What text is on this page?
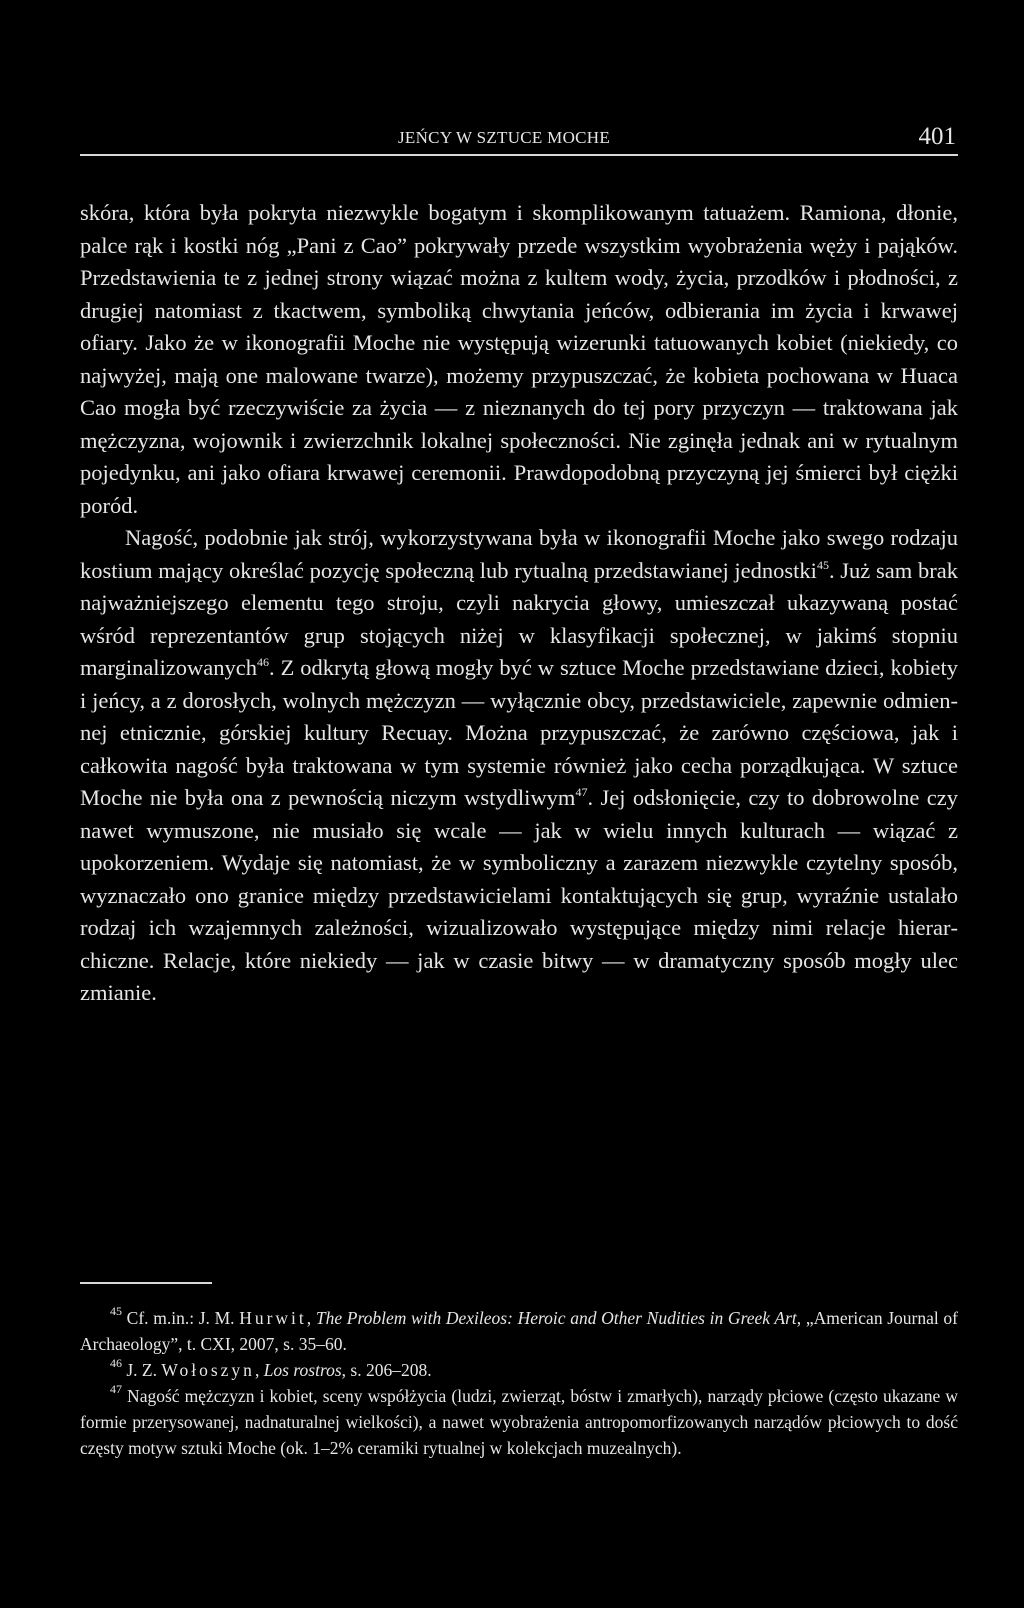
JEŃCY W SZTUCE MOCHE	401

skóra, która była pokryta niezwykle bogatym i skomplikowanym tatuażem. Ramiona, dłonie, palce rąk i kostki nóg „Pani z Cao” pokrywały przede wszystkim wyobrażenia węży i pająków. Przedstawienia te z jednej strony wiązać można z kultem wody, życia, przodków i płodności, z drugiej natomiast z tkactwem, symboliką chwytania jeńców, odbierania im życia i krwawej ofiary. Jako że w ikonografii Moche nie występują wizerunki tatuowanych kobiet (niekiedy, co najwyżej, mają one malowane twarze), możemy przypuszczać, że kobieta pochowana w Huaca Cao mogła być rzeczywiście za życia — z nieznanych do tej pory przyczyn — traktowana jak mężczyzna, wojownik i zwierzchnik lokalnej społeczności. Nie zginęła jednak ani w rytualnym pojedynku, ani jako ofiara krwawej ceremonii. Prawdopodobną przyczyną jej śmierci był ciężki poród.

Nagość, podobnie jak strój, wykorzystywana była w ikonografii Moche jako swego rodzaju kostium mający określać pozycję społeczną lub rytualną przedstawianej jednostki$^{45}$. Już sam brak najważniejszego elementu tego stroju, czyli nakrycia głowy, umieszczał ukazywaną postać wśród reprezentantów grup stojących niżej w klasyfikacji społecznej, w jakimś stopniu marginalizowanych$^{46}$. Z odkrytą głową mogły być w sztuce Moche przedstawiane dzieci, kobiety i jeńcy, a z dorosłych, wolnych mężczyzn — wyłącznie obcy, przedstawiciele, zapewnie odmiennej etnicznie, górskiej kultury Recuay. Można przypuszczać, że zarówno częściowa, jak i całkowita nagość była traktowana w tym systemie również jako cecha porządkująca. W sztuce Moche nie była ona z pewnością niczym wstydliwym$^{47}$. Jej odsłonięcie, czy to dobrowolne czy nawet wymuszone, nie musiało się wcale — jak w wielu innych kulturach — wiązać z upokorzeniem. Wydaje się natomiast, że w symboliczny a zarazem niezwykle czytelny sposób, wyznaczało ono granice między przedstawicielami kontaktujących się grup, wyraźnie ustalało rodzaj ich wzajemnych zależności, wizualizowało występujące między nimi relacje hierarchiczne. Relacje, które niekiedy — jak w czasie bitwy — w dramatyczny sposób mogły ulec zmianie.

$^{45}$ Cf. m.in.: J. M. Hurwit, The Problem with Dexileos: Heroic and Other Nudities in Greek Art, „American Journal of Archaeology”, t. CXI, 2007, s. 35–60.

$^{46}$ J. Z. Wołoszyn, Los rostros, s. 206–208.

$^{47}$ Nagość mężczyzn i kobiet, sceny współżycia (ludzi, zwierząt, bóstw i zmarłych), narządy płciowe (często ukazane w formie przerysowanej, nadnaturalnej wielkości), a nawet wyobrażenia antropomorfizowanych narządów płciowych to dość częsty motyw sztuki Moche (ok. 1–2% ceramiki rytualnej w kolekcjach muzealnych).
